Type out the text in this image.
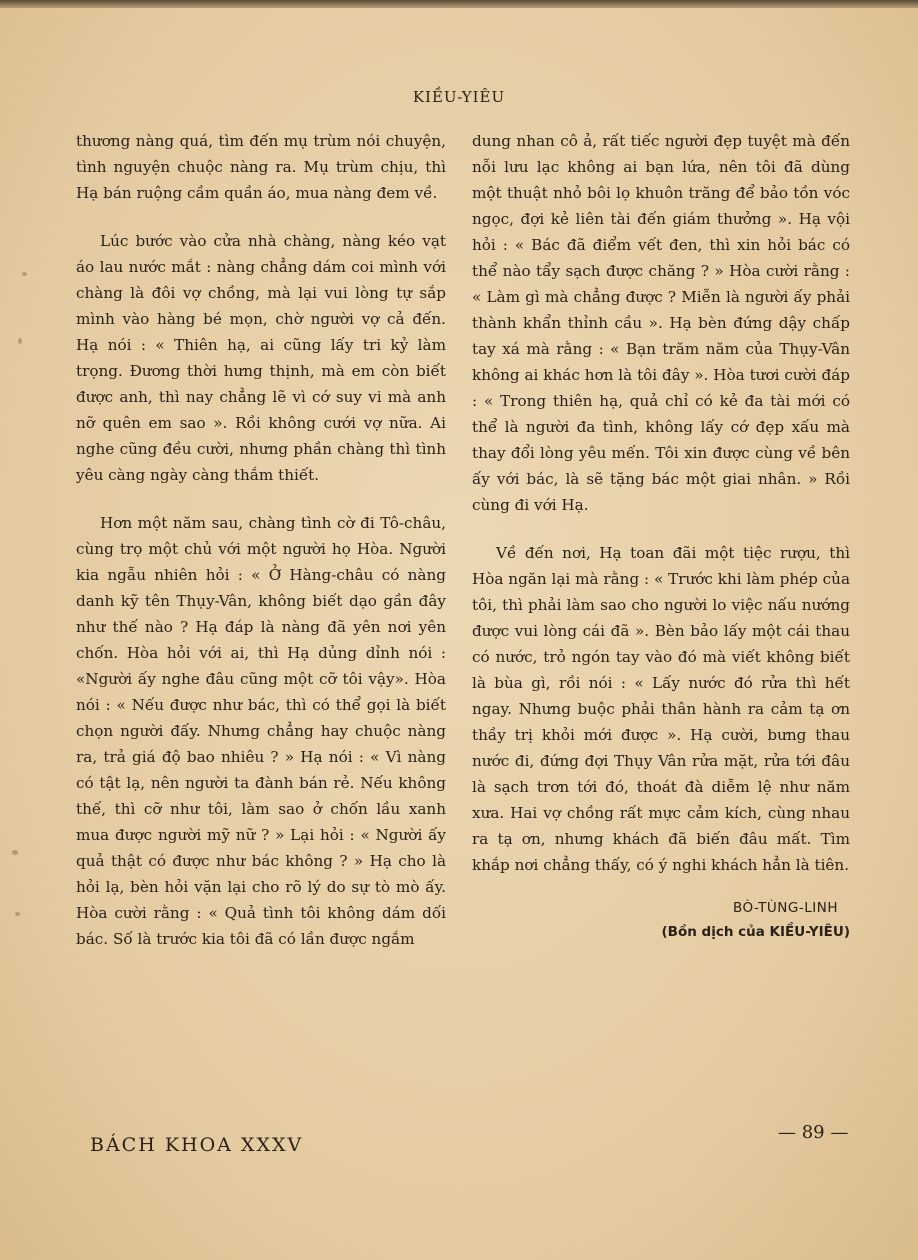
KIỀU-YIÊU

thương nàng quá, tìm đến mụ trùm nói chuyện, tình nguyện chuộc nàng ra. Mụ trùm chịu, thì Hạ bán ruộng cầm quần áo, mua nàng đem về.

Lúc bước vào cửa nhà chàng, nàng kéo vạt áo lau nước mắt : nàng chẳng dám coi mình với chàng là đôi vợ chồng, mà lại vui lòng tự sắp mình vào hàng bé mọn, chờ người vợ cả đến. Hạ nói : « Thiên hạ, ai cũng lấy tri kỷ làm trọng. Đương thời hưng thịnh, mà em còn biết được anh, thì nay chẳng lẽ vì cớ suy vi mà anh nỡ quên em sao ». Rồi không cưới vợ nữa. Ai nghe cũng đều cười, nhưng phần chàng thì tình yêu càng ngày càng thắm thiết.

Hơn một năm sau, chàng tình cờ đi Tô-châu, cùng trọ một chủ với một người họ Hòa. Người kia ngẫu nhiên hỏi : « Ở Hàng-châu có nàng danh kỹ tên Thụy-Vân, không biết dạo gần đây như thế nào ? Hạ đáp là nàng đã yên nơi yên chốn. Hòa hỏi với ai, thì Hạ dủng dỉnh nói : «Người ấy nghe đâu cũng một cỡ tôi vậy». Hòa nói : « Nếu được như bác, thì có thể gọi là biết chọn người đấy. Nhưng chẳng hay chuộc nàng ra, trả giá độ bao nhiêu ? » Hạ nói : « Vì nàng có tật lạ, nên người ta đành bán rẻ. Nếu không thế, thì cỡ như tôi, làm sao ở chốn lầu xanh mua được người mỹ nữ ? » Lại hỏi : « Người ấy quả thật có được như bác không ? » Hạ cho là hỏi lạ, bèn hỏi vặn lại cho rõ lý do sự tò mò ấy. Hòa cười rằng : « Quả tình tôi không dám dối bác. Số là trước kia tôi đã có lần được ngắm

dung nhan cô ả, rất tiếc người đẹp tuyệt mà đến nỗi lưu lạc không ai bạn lứa, nên tôi đã dùng một thuật nhỏ bôi lọ khuôn trăng để bảo tồn vóc ngọc, đợi kẻ liên tài đến giám thưởng ». Hạ vội hỏi : « Bác đã điểm vết đen, thì xin hỏi bác có thể nào tẩy sạch được chăng ? » Hòa cười rằng : « Làm gì mà chẳng được ? Miễn là người ấy phải thành khẩn thỉnh cầu ». Hạ bèn đứng dậy chấp tay xá mà rằng : « Bạn trăm năm của Thụy-Vân không ai khác hơn là tôi đây ». Hòa tươi cười đáp : « Trong thiên hạ, quả chỉ có kẻ đa tài mới có thể là người đa tình, không lấy cớ đẹp xấu mà thay đổi lòng yêu mến. Tôi xin được cùng về bên ấy với bác, là sẽ tặng bác một giai nhân. » Rồi cùng đi với Hạ.

Về đến nơi, Hạ toan đãi một tiệc rượu, thì Hòa ngăn lại mà rằng : « Trước khi làm phép của tôi, thì phải làm sao cho người lo việc nấu nướng được vui lòng cái đã ». Bèn bảo lấy một cái thau có nước, trỏ ngón tay vào đó mà viết không biết là bùa gì, rồi nói : « Lấy nước đó rửa thì hết ngay. Nhưng buộc phải thân hành ra cảm tạ ơn thầy trị khỏi mới được ». Hạ cười, bưng thau nước đi, đứng đợi Thụy Vân rửa mặt, rửa tới đâu là sạch trơn tới đó, thoát đà diễm lệ như năm xưa. Hai vợ chồng rất mực cảm kích, cùng nhau ra tạ ơn, nhưng khách đã biến đâu mất. Tìm khắp nơi chẳng thấy, có ý nghi khách hẳn là tiên.

BÒ-TÙNG-LINH
(Bồn dịch của KIỀU-YIÊU)
BÁCH KHOA XXXV
— 89 —
